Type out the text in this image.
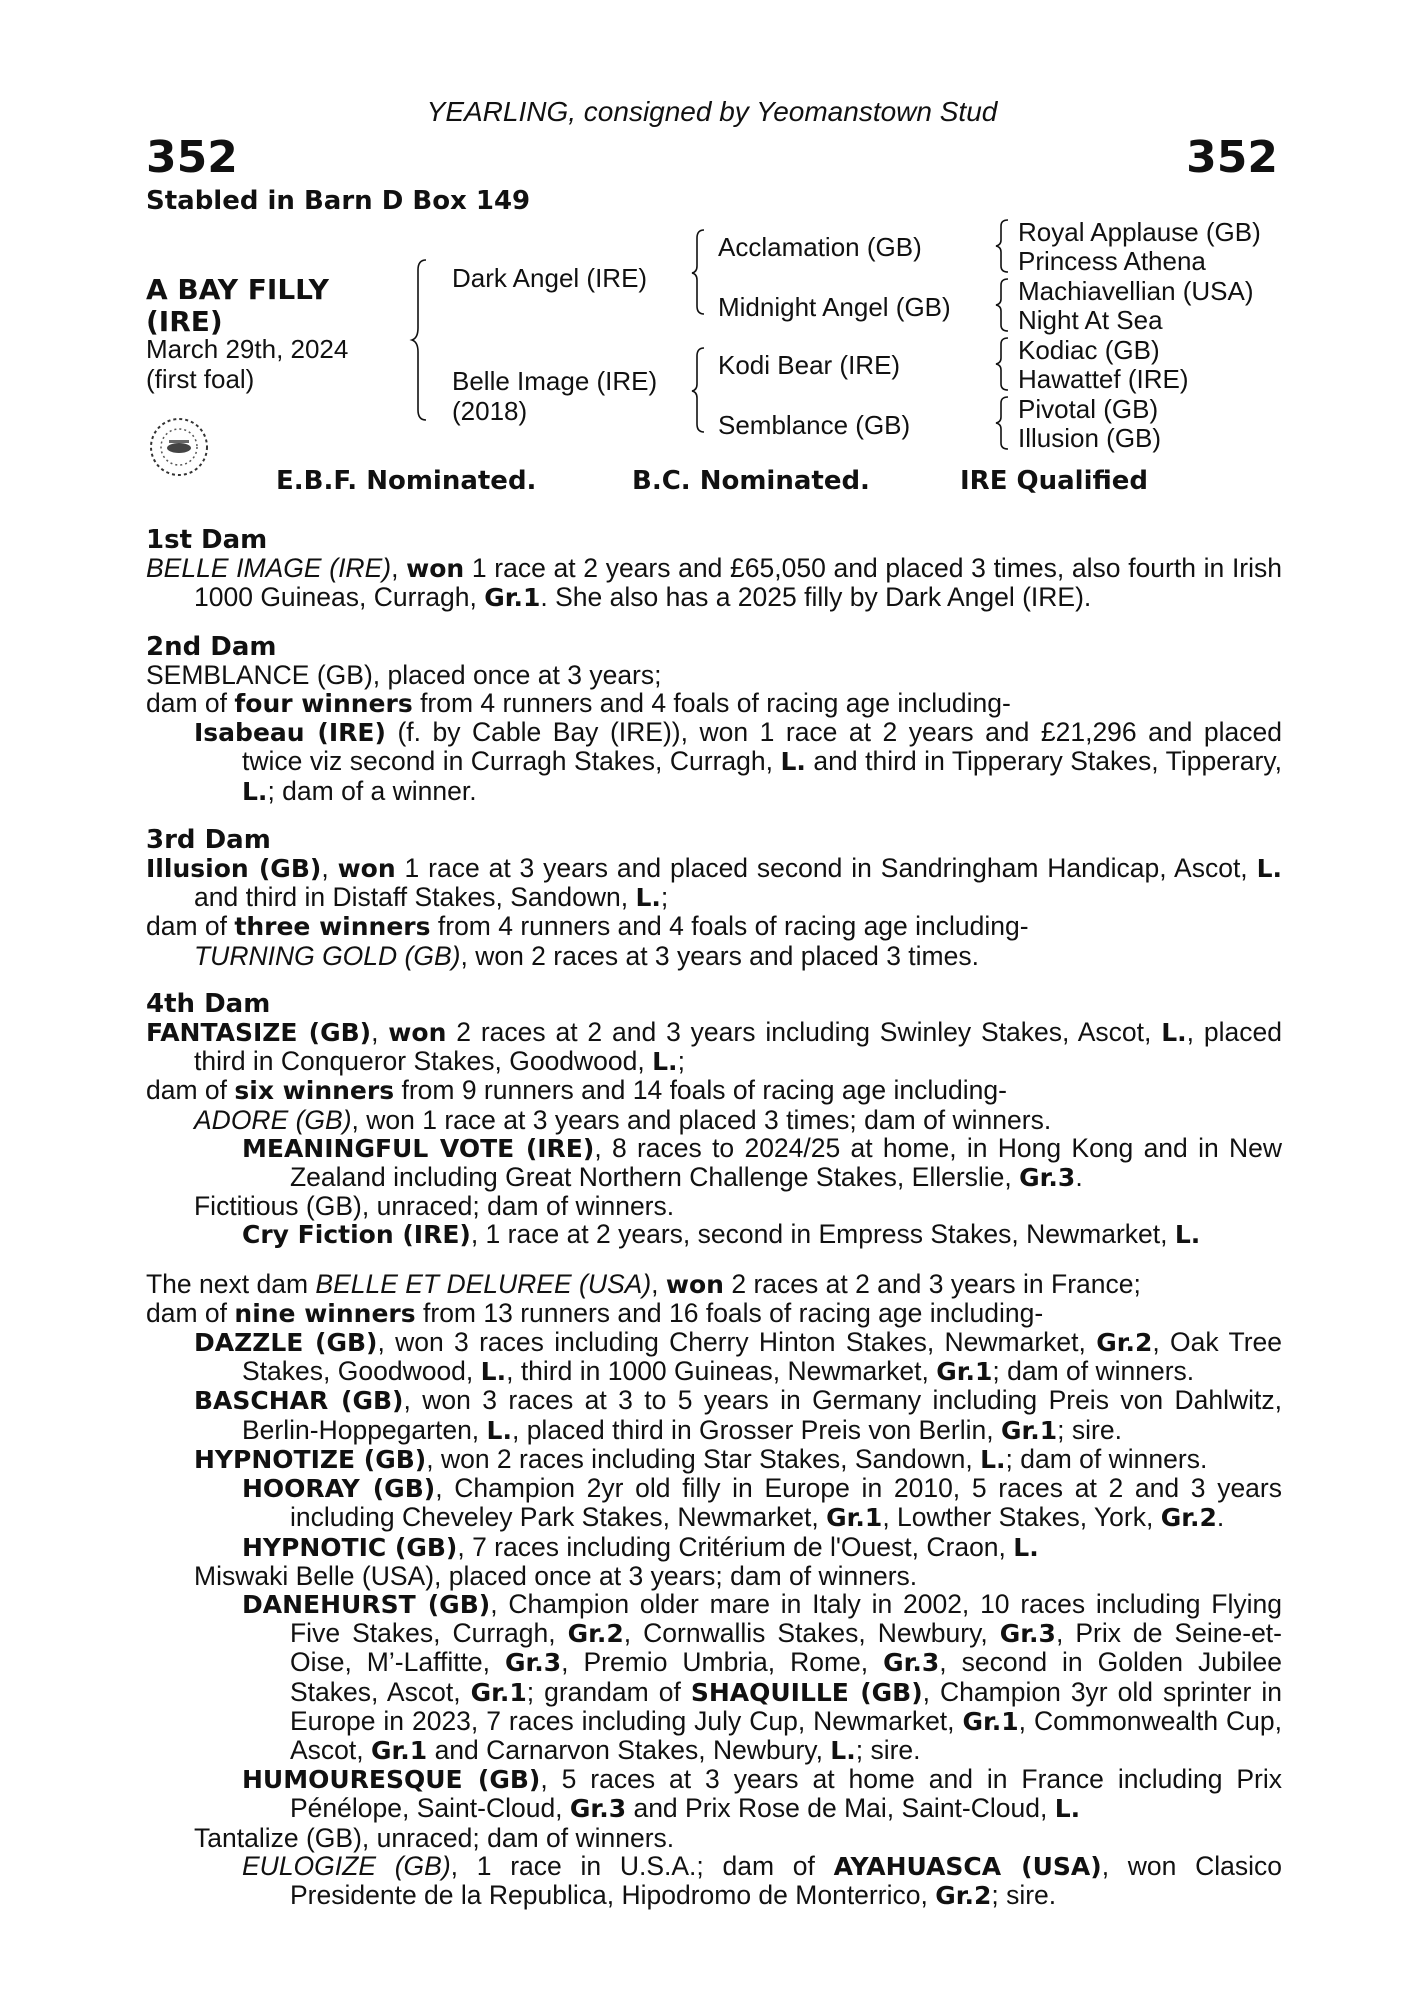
YEARLING, consigned by Yeomanstown Stud
352	352
Stabled in Barn D Box 149
A BAY FILLY
(IRE)
March 29th, 2024
(first foal)
Dark Angel (IRE)
Belle Image (IRE)
(2018)
Acclamation (GB)
Midnight Angel (GB)
Kodi Bear (IRE)
Semblance (GB)
Royal Applause (GB)
Princess Athena
Machiavellian (USA)
Night At Sea
Kodiac (GB)
Hawattef (IRE)
Pivotal (GB)
Illusion (GB)
E.B.F. Nominated.	B.C. Nominated.	IRE Qualified
1st Dam
BELLE IMAGE (IRE), won 1 race at 2 years and £65,050 and placed 3 times, also fourth in Irish 1000 Guineas, Curragh, Gr.1. She also has a 2025 filly by Dark Angel (IRE).
2nd Dam
SEMBLANCE (GB), placed once at 3 years;
dam of four winners from 4 runners and 4 foals of racing age including-
Isabeau (IRE) (f. by Cable Bay (IRE)), won 1 race at 2 years and £21,296 and placed twice viz second in Curragh Stakes, Curragh, L. and third in Tipperary Stakes, Tipperary, L.; dam of a winner.
3rd Dam
Illusion (GB), won 1 race at 3 years and placed second in Sandringham Handicap, Ascot, L. and third in Distaff Stakes, Sandown, L.;
dam of three winners from 4 runners and 4 foals of racing age including-
TURNING GOLD (GB), won 2 races at 3 years and placed 3 times.
4th Dam
FANTASIZE (GB), won 2 races at 2 and 3 years including Swinley Stakes, Ascot, L., placed third in Conqueror Stakes, Goodwood, L.;
dam of six winners from 9 runners and 14 foals of racing age including-
ADORE (GB), won 1 race at 3 years and placed 3 times; dam of winners.
MEANINGFUL VOTE (IRE), 8 races to 2024/25 at home, in Hong Kong and in New Zealand including Great Northern Challenge Stakes, Ellerslie, Gr.3.
Fictitious (GB), unraced; dam of winners.
Cry Fiction (IRE), 1 race at 2 years, second in Empress Stakes, Newmarket, L.
The next dam BELLE ET DELUREE (USA), won 2 races at 2 and 3 years in France;
dam of nine winners from 13 runners and 16 foals of racing age including-
DAZZLE (GB), won 3 races including Cherry Hinton Stakes, Newmarket, Gr.2, Oak Tree Stakes, Goodwood, L., third in 1000 Guineas, Newmarket, Gr.1; dam of winners.
BASCHAR (GB), won 3 races at 3 to 5 years in Germany including Preis von Dahlwitz, Berlin-Hoppegarten, L., placed third in Grosser Preis von Berlin, Gr.1; sire.
HYPNOTIZE (GB), won 2 races including Star Stakes, Sandown, L.; dam of winners.
HOORAY (GB), Champion 2yr old filly in Europe in 2010, 5 races at 2 and 3 years including Cheveley Park Stakes, Newmarket, Gr.1, Lowther Stakes, York, Gr.2.
HYPNOTIC (GB), 7 races including Critérium de l'Ouest, Craon, L.
Miswaki Belle (USA), placed once at 3 years; dam of winners.
DANEHURST (GB), Champion older mare in Italy in 2002, 10 races including Flying Five Stakes, Curragh, Gr.2, Cornwallis Stakes, Newbury, Gr.3, Prix de Seine-et-Oise, M’-Laffitte, Gr.3, Premio Umbria, Rome, Gr.3, second in Golden Jubilee Stakes, Ascot, Gr.1; grandam of SHAQUILLE (GB), Champion 3yr old sprinter in Europe in 2023, 7 races including July Cup, Newmarket, Gr.1, Commonwealth Cup, Ascot, Gr.1 and Carnarvon Stakes, Newbury, L.; sire.
HUMOURESQUE (GB), 5 races at 3 years at home and in France including Prix Pénélope, Saint-Cloud, Gr.3 and Prix Rose de Mai, Saint-Cloud, L.
Tantalize (GB), unraced; dam of winners.
EULOGIZE (GB), 1 race in U.S.A.; dam of AYAHUASCA (USA), won Clasico Presidente de la Republica, Hipodromo de Monterrico, Gr.2; sire.
